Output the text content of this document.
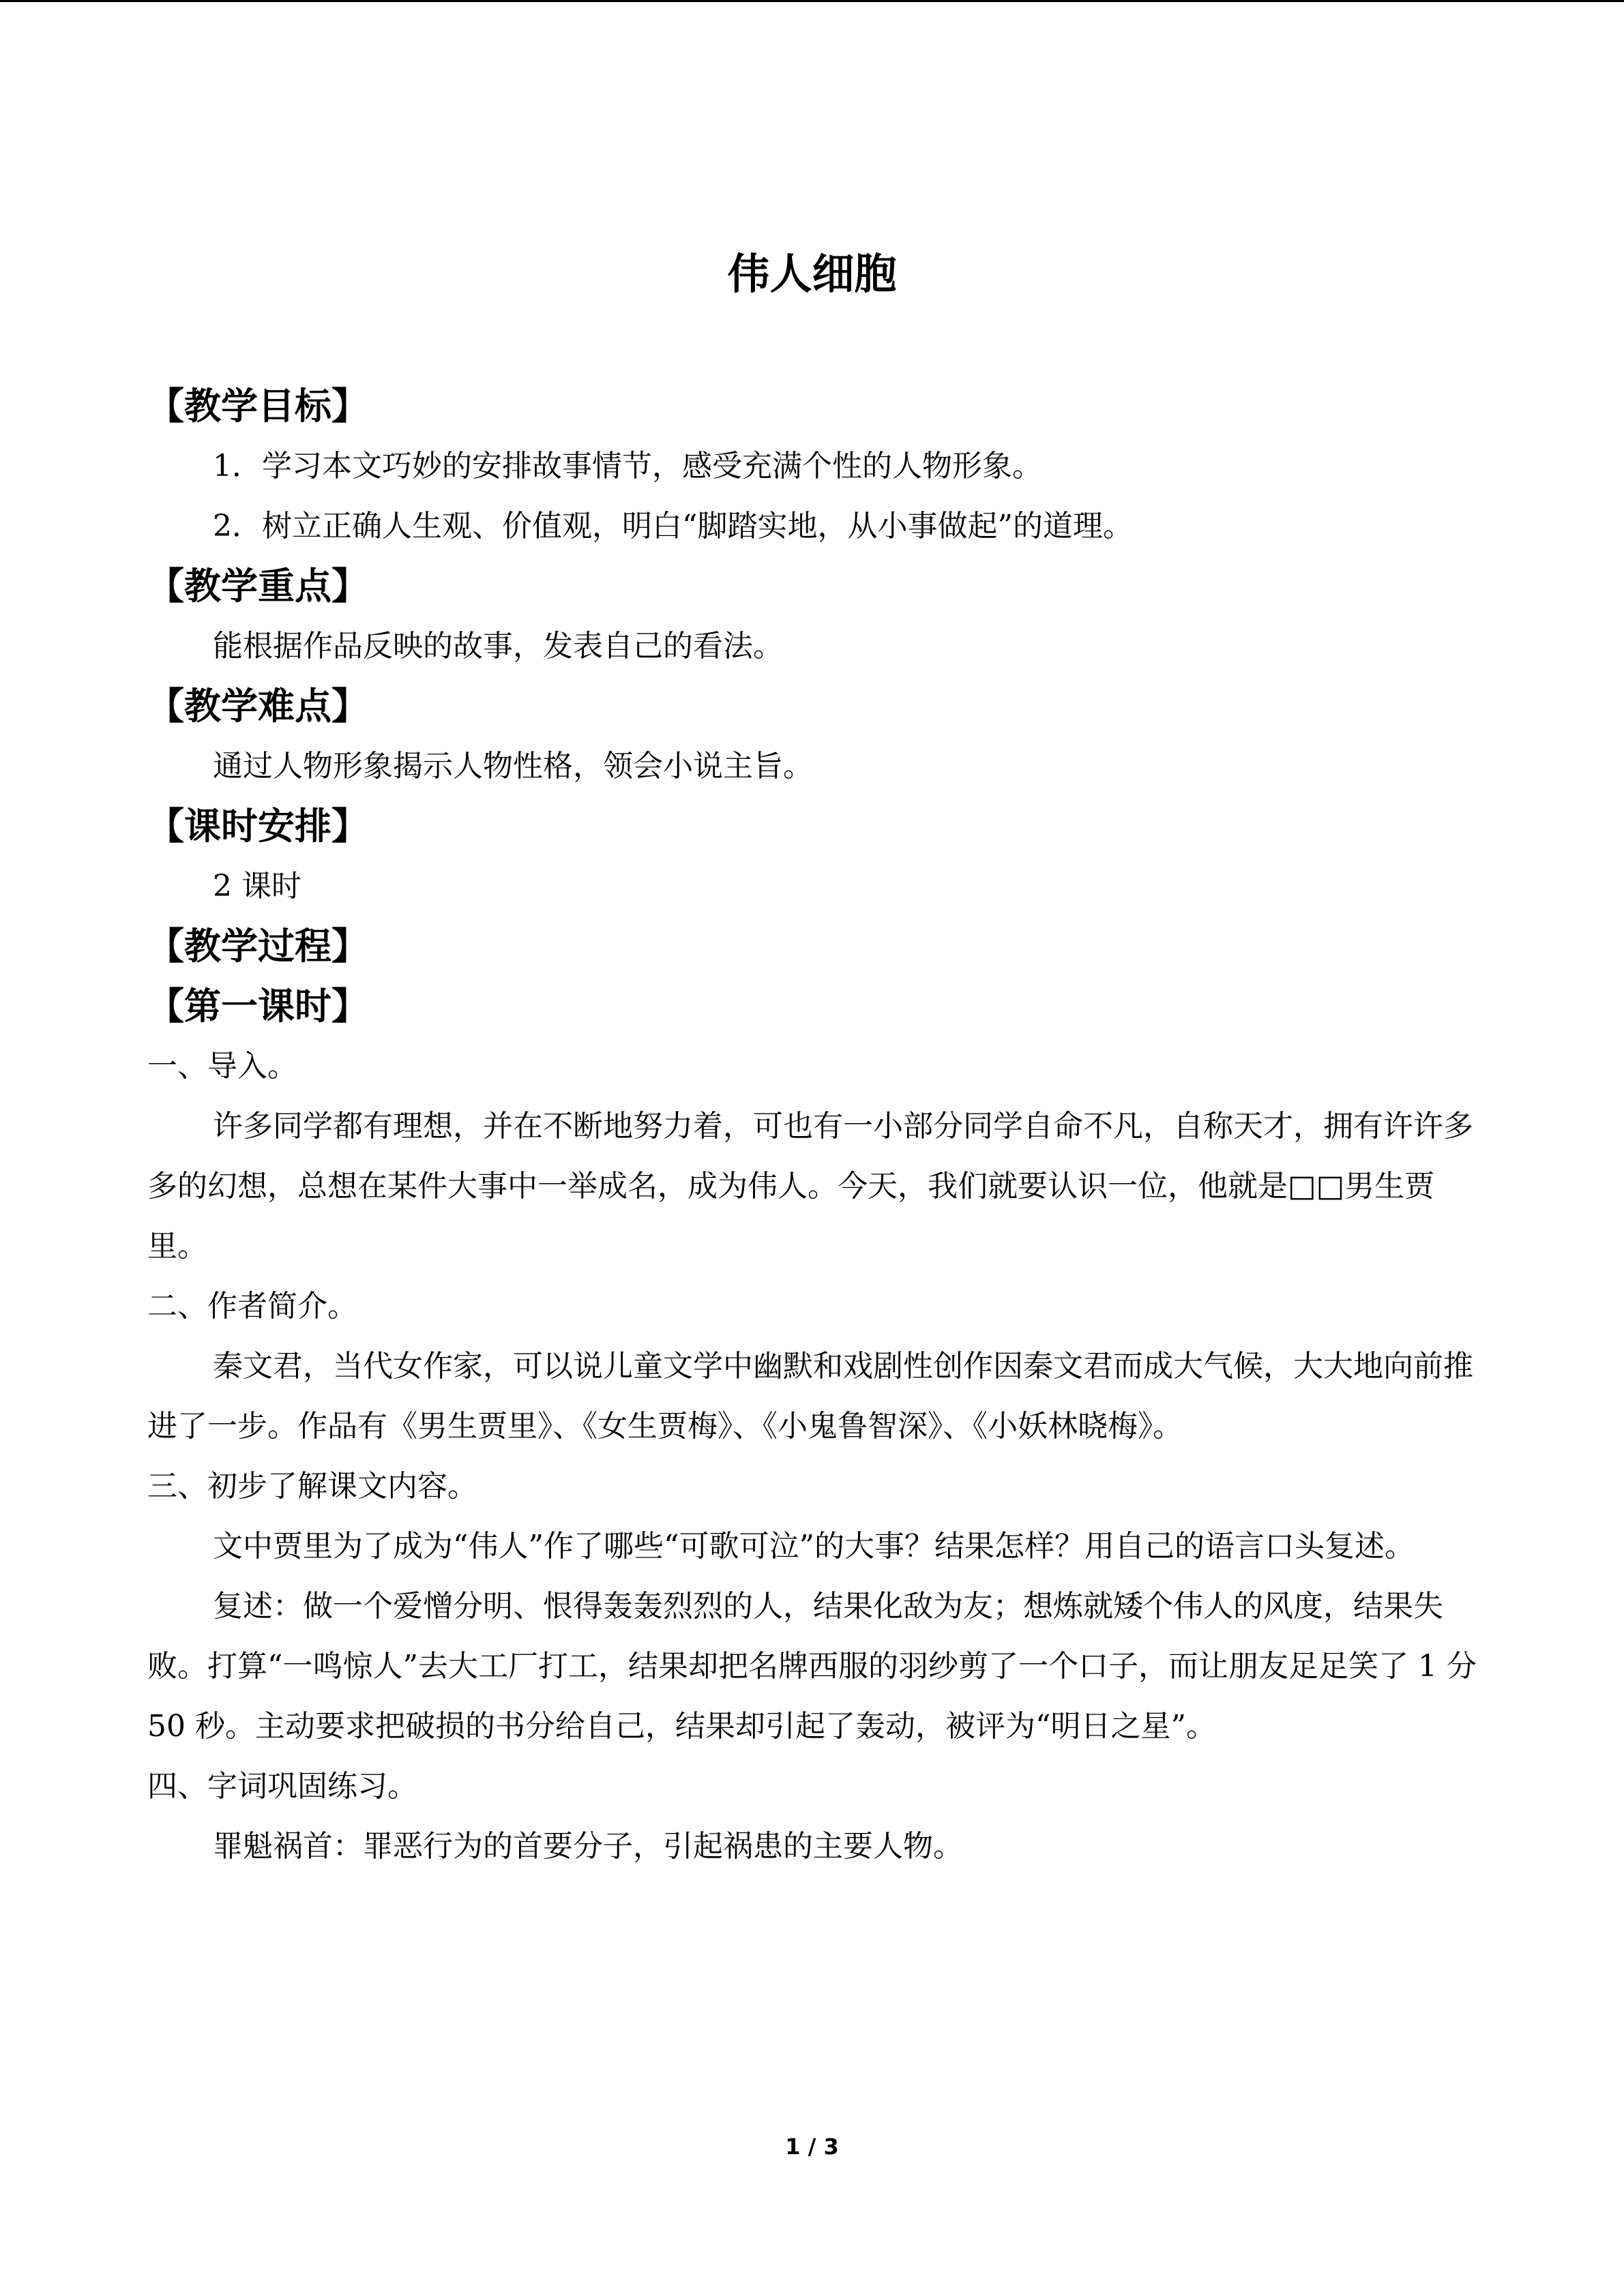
伟人细胞
【教学目标】

1．学习本文巧妙的安排故事情节，感受充满个性的人物形象。

2．树立正确人生观、价值观，明白“脚踏实地，从小事做起”的道理。

【教学重点】

能根据作品反映的故事，发表自己的看法。

【教学难点】

通过人物形象揭示人物性格，领会小说主旨。

【课时安排】

2 课时

【教学过程】
【第一课时】

一、导入。

许多同学都有理想，并在不断地努力着，可也有一小部分同学自命不凡，自称天才，拥有许许多多的幻想，总想在某件大事中一举成名，成为伟人。今天，我们就要认识一位，他就是□□男生贾里。

二、作者简介。

秦文君，当代女作家，可以说儿童文学中幽默和戏剧性创作因秦文君而成大气候，大大地向前推进了一步。作品有《男生贾里》、《女生贾梅》、《小鬼鲁智深》、《小妖林晓梅》。

三、初步了解课文内容。

文中贾里为了成为“伟人”作了哪些“可歌可泣”的大事？结果怎样？用自己的语言口头复述。

复述：做一个爱憎分明、恨得轰轰烈烈的人，结果化敌为友；想炼就矮个伟人的风度，结果失败。打算“一鸣惊人”去大工厂打工，结果却把名牌西服的羽纱剪了一个口子，而让朋友足足笑了 1 分 50 秒。主动要求把破损的书分给自己，结果却引起了轰动，被评为“明日之星”。

四、字词巩固练习。

罪魁祸首：罪恶行为的首要分子，引起祸患的主要人物。

1 / 3
